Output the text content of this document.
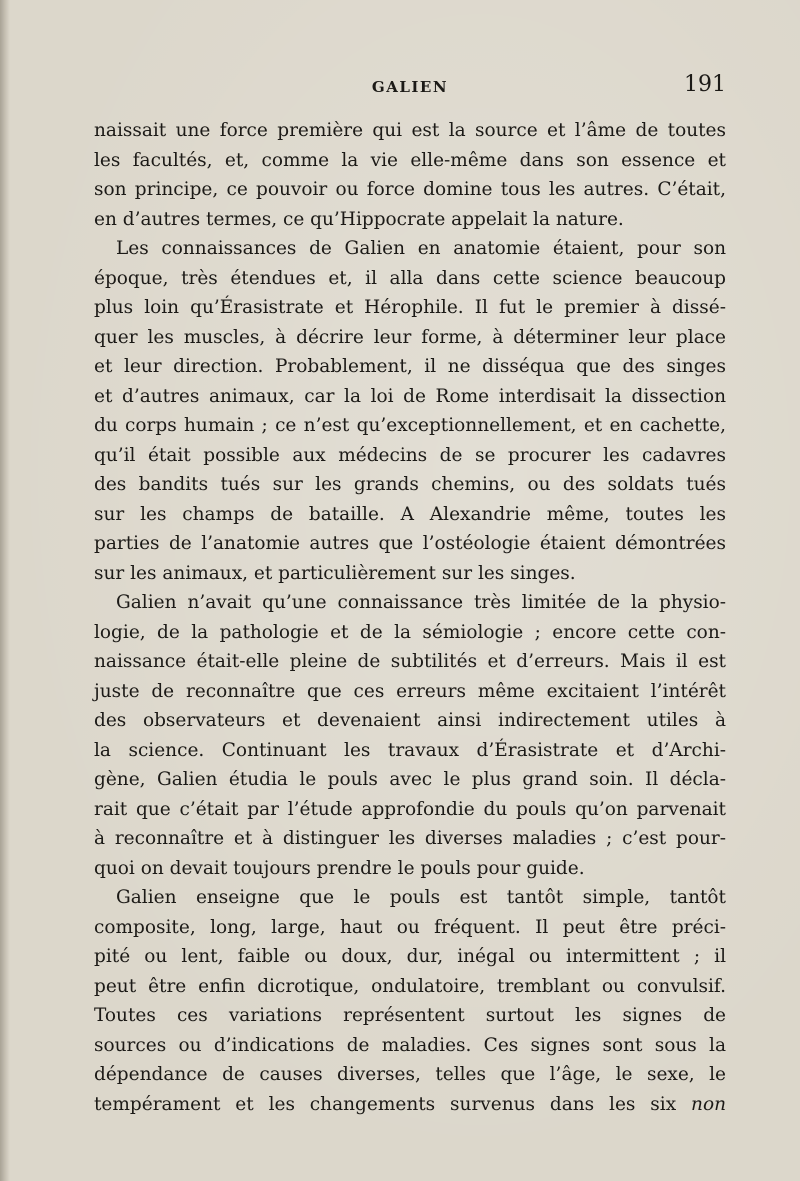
GALIEN	191
naissait une force première qui est la source et l’âme de toutes
les facultés, et, comme la vie elle-même dans son essence et
son principe, ce pouvoir ou force domine tous les autres. C’était,
en d’autres termes, ce qu’Hippocrate appelait la nature.
Les connaissances de Galien en anatomie étaient, pour son
époque, très étendues et, il alla dans cette science beaucoup
plus loin qu’Érasistrate et Hérophile. Il fut le premier à dissé-
quer les muscles, à décrire leur forme, à déterminer leur place
et leur direction. Probablement, il ne disséqua que des singes
et d’autres animaux, car la loi de Rome interdisait la dissection
du corps humain ; ce n’est qu’exceptionnellement, et en cachette,
qu’il était possible aux médecins de se procurer les cadavres
des bandits tués sur les grands chemins, ou des soldats tués
sur les champs de bataille. A Alexandrie même, toutes les
parties de l’anatomie autres que l’ostéologie étaient démontrées
sur les animaux, et particulièrement sur les singes.
Galien n’avait qu’une connaissance très limitée de la physio-
logie, de la pathologie et de la sémiologie ; encore cette con-
naissance était-elle pleine de subtilités et d’erreurs. Mais il est
juste de reconnaître que ces erreurs même excitaient l’intérêt
des observateurs et devenaient ainsi indirectement utiles à
la science. Continuant les travaux d’Érasistrate et d’Archi-
gène, Galien étudia le pouls avec le plus grand soin. Il décla-
rait que c’était par l’étude approfondie du pouls qu’on parvenait
à reconnaître et à distinguer les diverses maladies ; c’est pour-
quoi on devait toujours prendre le pouls pour guide.
Galien enseigne que le pouls est tantôt simple, tantôt
composite, long, large, haut ou fréquent. Il peut être préci-
pité ou lent, faible ou doux, dur, inégal ou intermittent ; il
peut être enfin dicrotique, ondulatoire, tremblant ou convulsif.
Toutes ces variations représentent surtout les signes de
sources ou d’indications de maladies. Ces signes sont sous la
dépendance de causes diverses, telles que l’âge, le sexe, le
tempérament et les changements survenus dans les six non
